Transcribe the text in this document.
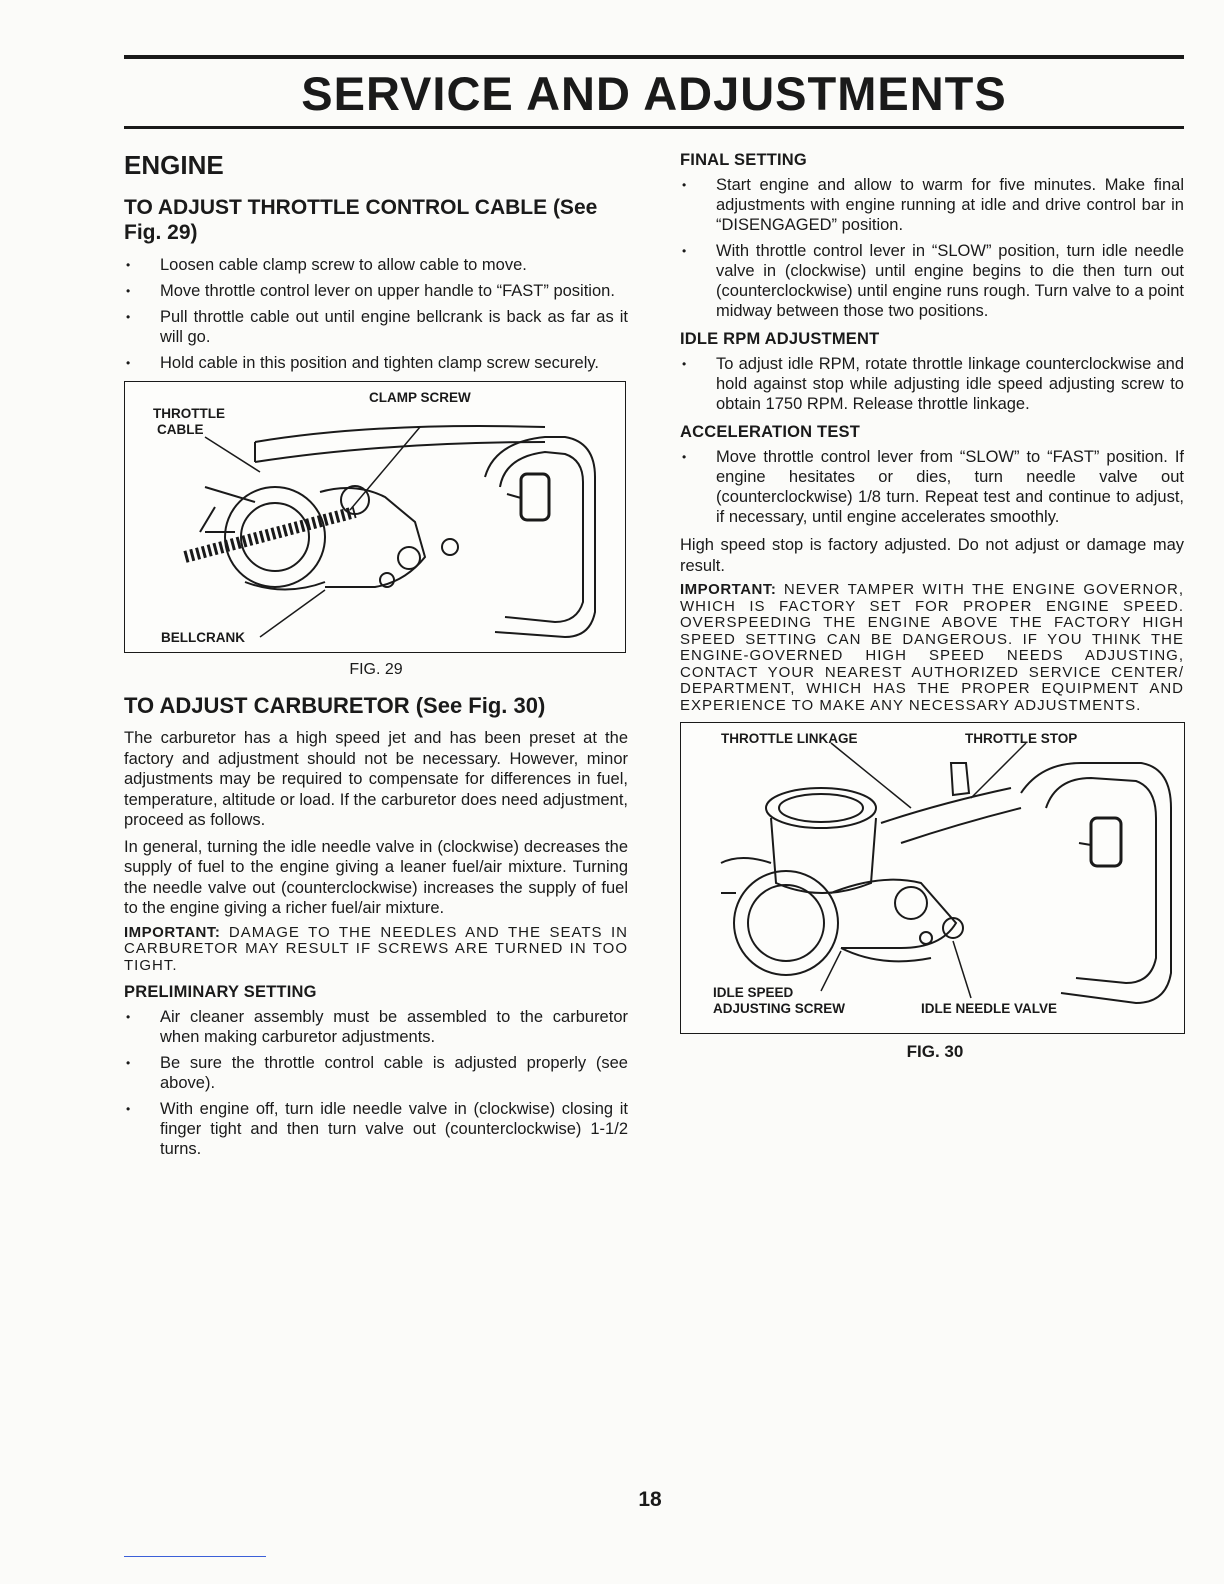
SERVICE AND ADJUSTMENTS
ENGINE
TO ADJUST THROTTLE CONTROL CABLE (See Fig. 29)
• Loosen cable clamp screw to allow cable to move.
• Move throttle control lever on upper handle to “FAST” position.
• Pull throttle cable out until engine bellcrank is back as far as it will go.
• Hold cable in this position and tighten clamp screw securely.
CLAMP SCREW
THROTTLE
CABLE
BELLCRANK
FIG. 29
TO ADJUST CARBURETOR (See Fig. 30)

The carburetor has a high speed jet and has been preset at the factory and adjustment should not be necessary. However, minor adjustments may be required to compensate for differences in fuel, temperature, altitude or load. If the carburetor does need adjustment, proceed as follows.

In general, turning the idle needle valve in (clockwise) decreases the supply of fuel to the engine giving a leaner fuel/air mixture. Turning the needle valve out (counterclockwise) increases the supply of fuel to the engine giving a richer fuel/air mixture.

IMPORTANT: DAMAGE TO THE NEEDLES AND THE SEATS IN CARBURETOR MAY RESULT IF SCREWS ARE TURNED IN TOO TIGHT.

PRELIMINARY SETTING
• Air cleaner assembly must be assembled to the carburetor when making carburetor adjustments.
• Be sure the throttle control cable is adjusted properly (see above).
• With engine off, turn idle needle valve in (clockwise) closing it finger tight and then turn valve out (counterclockwise) 1-1/2 turns.
FINAL SETTING
• Start engine and allow to warm for five minutes. Make final adjustments with engine running at idle and drive control bar in “DISENGAGED” position.
• With throttle control lever in “SLOW” position, turn idle needle valve in (clockwise) until engine begins to die then turn out (counterclockwise) until engine runs rough. Turn valve to a point midway between those two positions.
IDLE RPM ADJUSTMENT
• To adjust idle RPM, rotate throttle linkage counterclockwise and hold against stop while adjusting idle speed adjusting screw to obtain 1750 RPM. Release throttle linkage.
ACCELERATION TEST
• Move throttle control lever from “SLOW” to “FAST” position. If engine hesitates or dies, turn needle valve out (counterclockwise) 1/8 turn. Repeat test and continue to adjust, if necessary, until engine accelerates smoothly.

High speed stop is factory adjusted. Do not adjust or damage may result.

IMPORTANT: NEVER TAMPER WITH THE ENGINE GOVERNOR, WHICH IS FACTORY SET FOR PROPER ENGINE SPEED. OVERSPEEDING THE ENGINE ABOVE THE FACTORY HIGH SPEED SETTING CAN BE DANGEROUS. IF YOU THINK THE ENGINE-GOVERNED HIGH SPEED NEEDS ADJUSTING, CONTACT YOUR NEAREST AUTHORIZED SERVICE CENTER/ DEPARTMENT, WHICH HAS THE PROPER EQUIPMENT AND EXPERIENCE TO MAKE ANY NECESSARY ADJUSTMENTS.

THROTTLE LINKAGE	THROTTLE STOP
IDLE SPEED
ADJUSTING SCREW	IDLE NEEDLE VALVE
FIG. 30
18
